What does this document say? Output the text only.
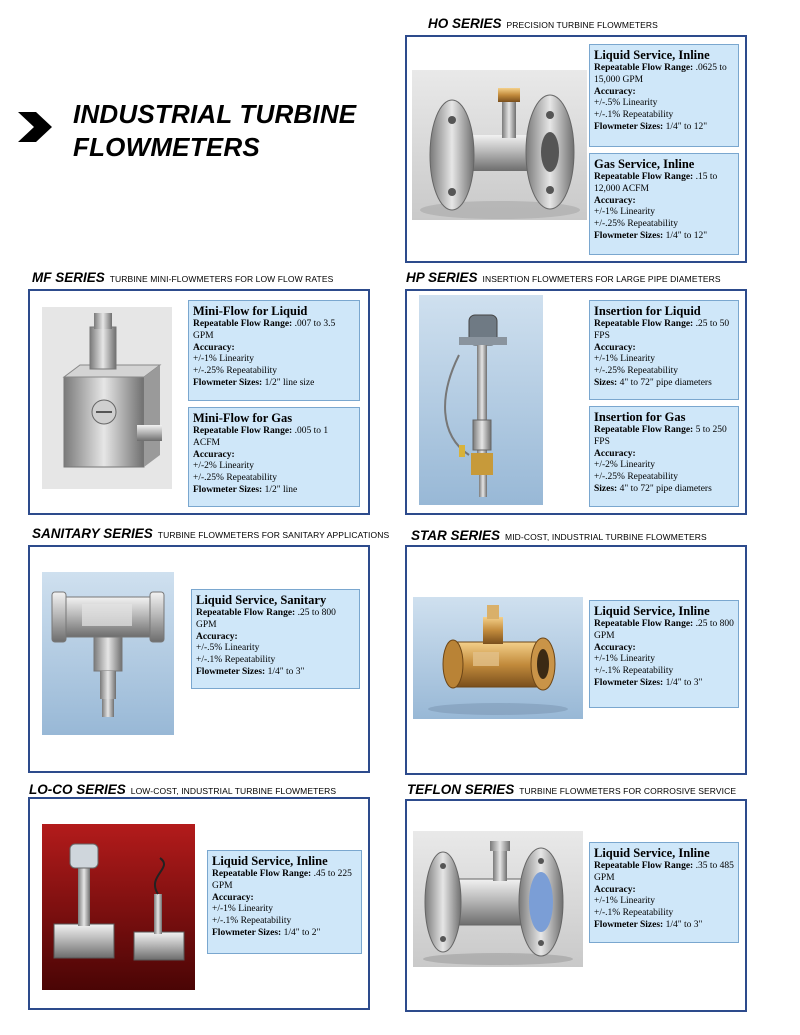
INDUSTRIAL TURBINE FLOWMETERS
HO SERIES PRECISION TURBINE FLOWMETERS
Liquid Service, Inline
Repeatable Flow Range: .0625 to 15,000 GPM
Accuracy:
+/-.5% Linearity
+/-.1% Repeatability
Flowmeter Sizes: 1/4" to 12"
Gas Service, Inline
Repeatable Flow Range: .15 to 12,000 ACFM
Accuracy:
+/-1% Linearity
+/-.25% Repeatability
Flowmeter Sizes: 1/4" to 12"
MF SERIES TURBINE MINI-FLOWMETERS FOR LOW FLOW RATES
Mini-Flow for Liquid
Repeatable Flow Range: .007 to 3.5 GPM
Accuracy:
+/-1% Linearity
+/-.25% Repeatability
Flowmeter Sizes: 1/2" line size
Mini-Flow for Gas
Repeatable Flow Range: .005 to 1 ACFM
Accuracy:
+/-2% Linearity
+/-.25% Repeatability
Flowmeter Sizes: 1/2" line
HP SERIES INSERTION FLOWMETERS FOR LARGE PIPE DIAMETERS
Insertion for Liquid
Repeatable Flow Range: .25 to 50 FPS
Accuracy:
+/-1% Linearity
+/-.25% Repeatability
Sizes: 4" to 72" pipe diameters
Insertion for Gas
Repeatable Flow Range: 5 to 250 FPS
Accuracy:
+/-2% Linearity
+/-.25% Repeatability
Sizes: 4" to 72" pipe diameters
SANITARY SERIES TURBINE FLOWMETERS FOR SANITARY APPLICATIONS
Liquid Service, Sanitary
Repeatable Flow Range: .25 to 800 GPM
Accuracy:
+/-.5% Linearity
+/-.1% Repeatability
Flowmeter Sizes: 1/4" to 3"
STAR SERIES MID-COST, INDUSTRIAL TURBINE FLOWMETERS
Liquid Service, Inline
Repeatable Flow Range: .25 to 800 GPM
Accuracy:
+/-1% Linearity
+/-.1% Repeatability
Flowmeter Sizes: 1/4" to 3"
LO-CO SERIES LOW-COST, INDUSTRIAL TURBINE FLOWMETERS
Liquid Service, Inline
Repeatable Flow Range: .45 to 225 GPM
Accuracy:
+/-1% Linearity
+/-.1% Repeatability
Flowmeter Sizes: 1/4" to 2"
TEFLON SERIES TURBINE FLOWMETERS FOR CORROSIVE SERVICE
Liquid Service, Inline
Repeatable Flow Range: .35 to 485 GPM
Accuracy:
+/-1% Linearity
+/-.1% Repeatability
Flowmeter Sizes: 1/4" to 3"
